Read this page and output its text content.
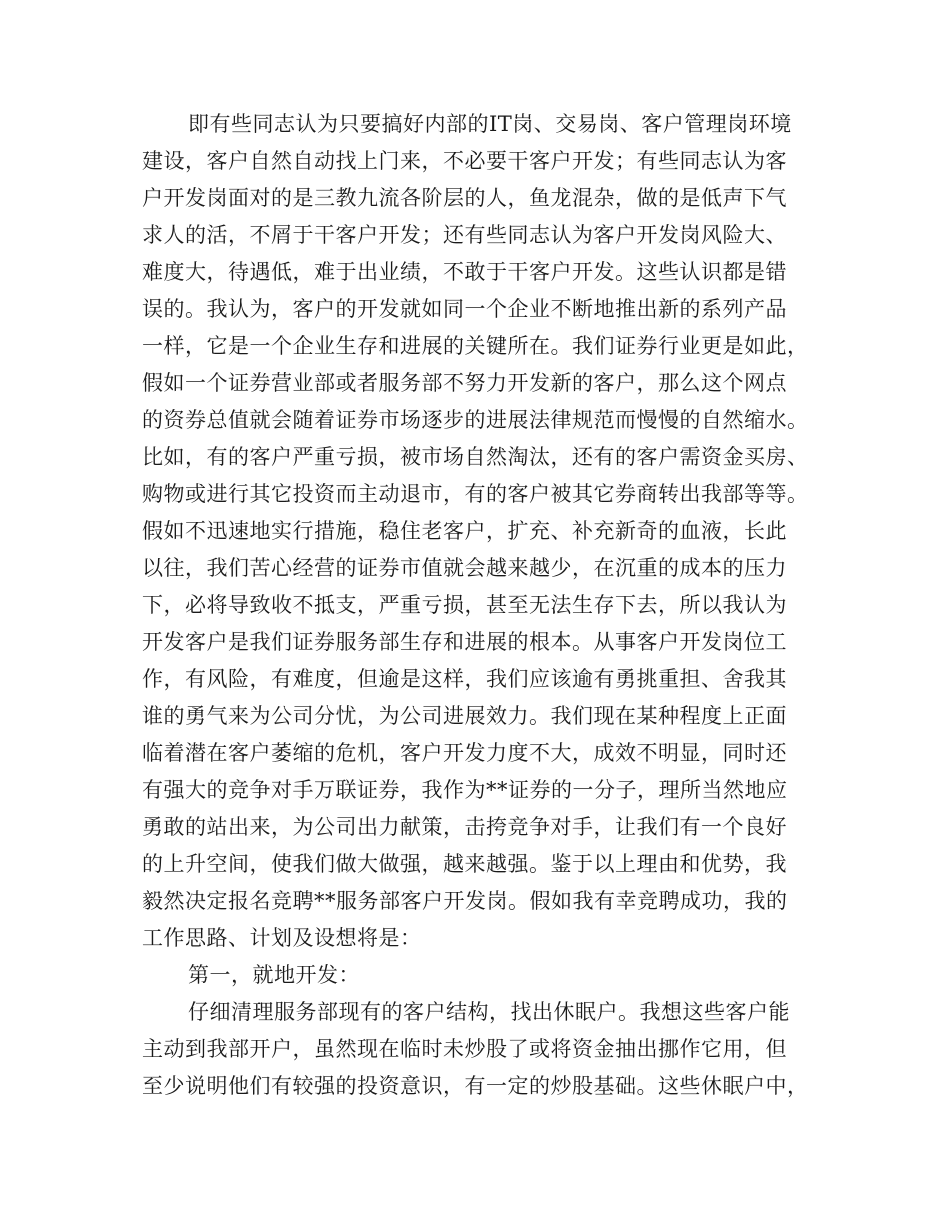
即有些同志认为只要搞好内部的IT岗、交易岗、客户管理岗环境
建设，客户自然自动找上门来，不必要干客户开发；有些同志认为客
户开发岗面对的是三教九流各阶层的人，鱼龙混杂，做的是低声下气
求人的活，不屑于干客户开发；还有些同志认为客户开发岗风险大、
难度大，待遇低，难于出业绩，不敢于干客户开发。这些认识都是错
误的。我认为，客户的开发就如同一个企业不断地推出新的系列产品
一样，它是一个企业生存和进展的关键所在。我们证券行业更是如此，
假如一个证券营业部或者服务部不努力开发新的客户，那么这个网点
的资券总值就会随着证券市场逐步的进展法律规范而慢慢的自然缩水。
比如，有的客户严重亏损，被市场自然淘汰，还有的客户需资金买房、
购物或进行其它投资而主动退市，有的客户被其它券商转出我部等等。
假如不迅速地实行措施，稳住老客户，扩充、补充新奇的血液，长此
以往，我们苦心经营的证券市值就会越来越少，在沉重的成本的压力
下，必将导致收不抵支，严重亏损，甚至无法生存下去，所以我认为
开发客户是我们证券服务部生存和进展的根本。从事客户开发岗位工
作，有风险，有难度，但逾是这样，我们应该逾有勇挑重担、舍我其
谁的勇气来为公司分忧，为公司进展效力。我们现在某种程度上正面
临着潜在客户萎缩的危机，客户开发力度不大，成效不明显，同时还
有强大的竞争对手万联证券，我作为**证券的一分子，理所当然地应
勇敢的站出来，为公司出力献策，击挎竞争对手，让我们有一个良好
的上升空间，使我们做大做强，越来越强。鉴于以上理由和优势，我
毅然决定报名竞聘**服务部客户开发岗。假如我有幸竞聘成功，我的
工作思路、计划及设想将是：
第一，就地开发：
仔细清理服务部现有的客户结构，找出休眠户。我想这些客户能
主动到我部开户，虽然现在临时未炒股了或将资金抽出挪作它用，但
至少说明他们有较强的投资意识，有一定的炒股基础。这些休眠户中，
